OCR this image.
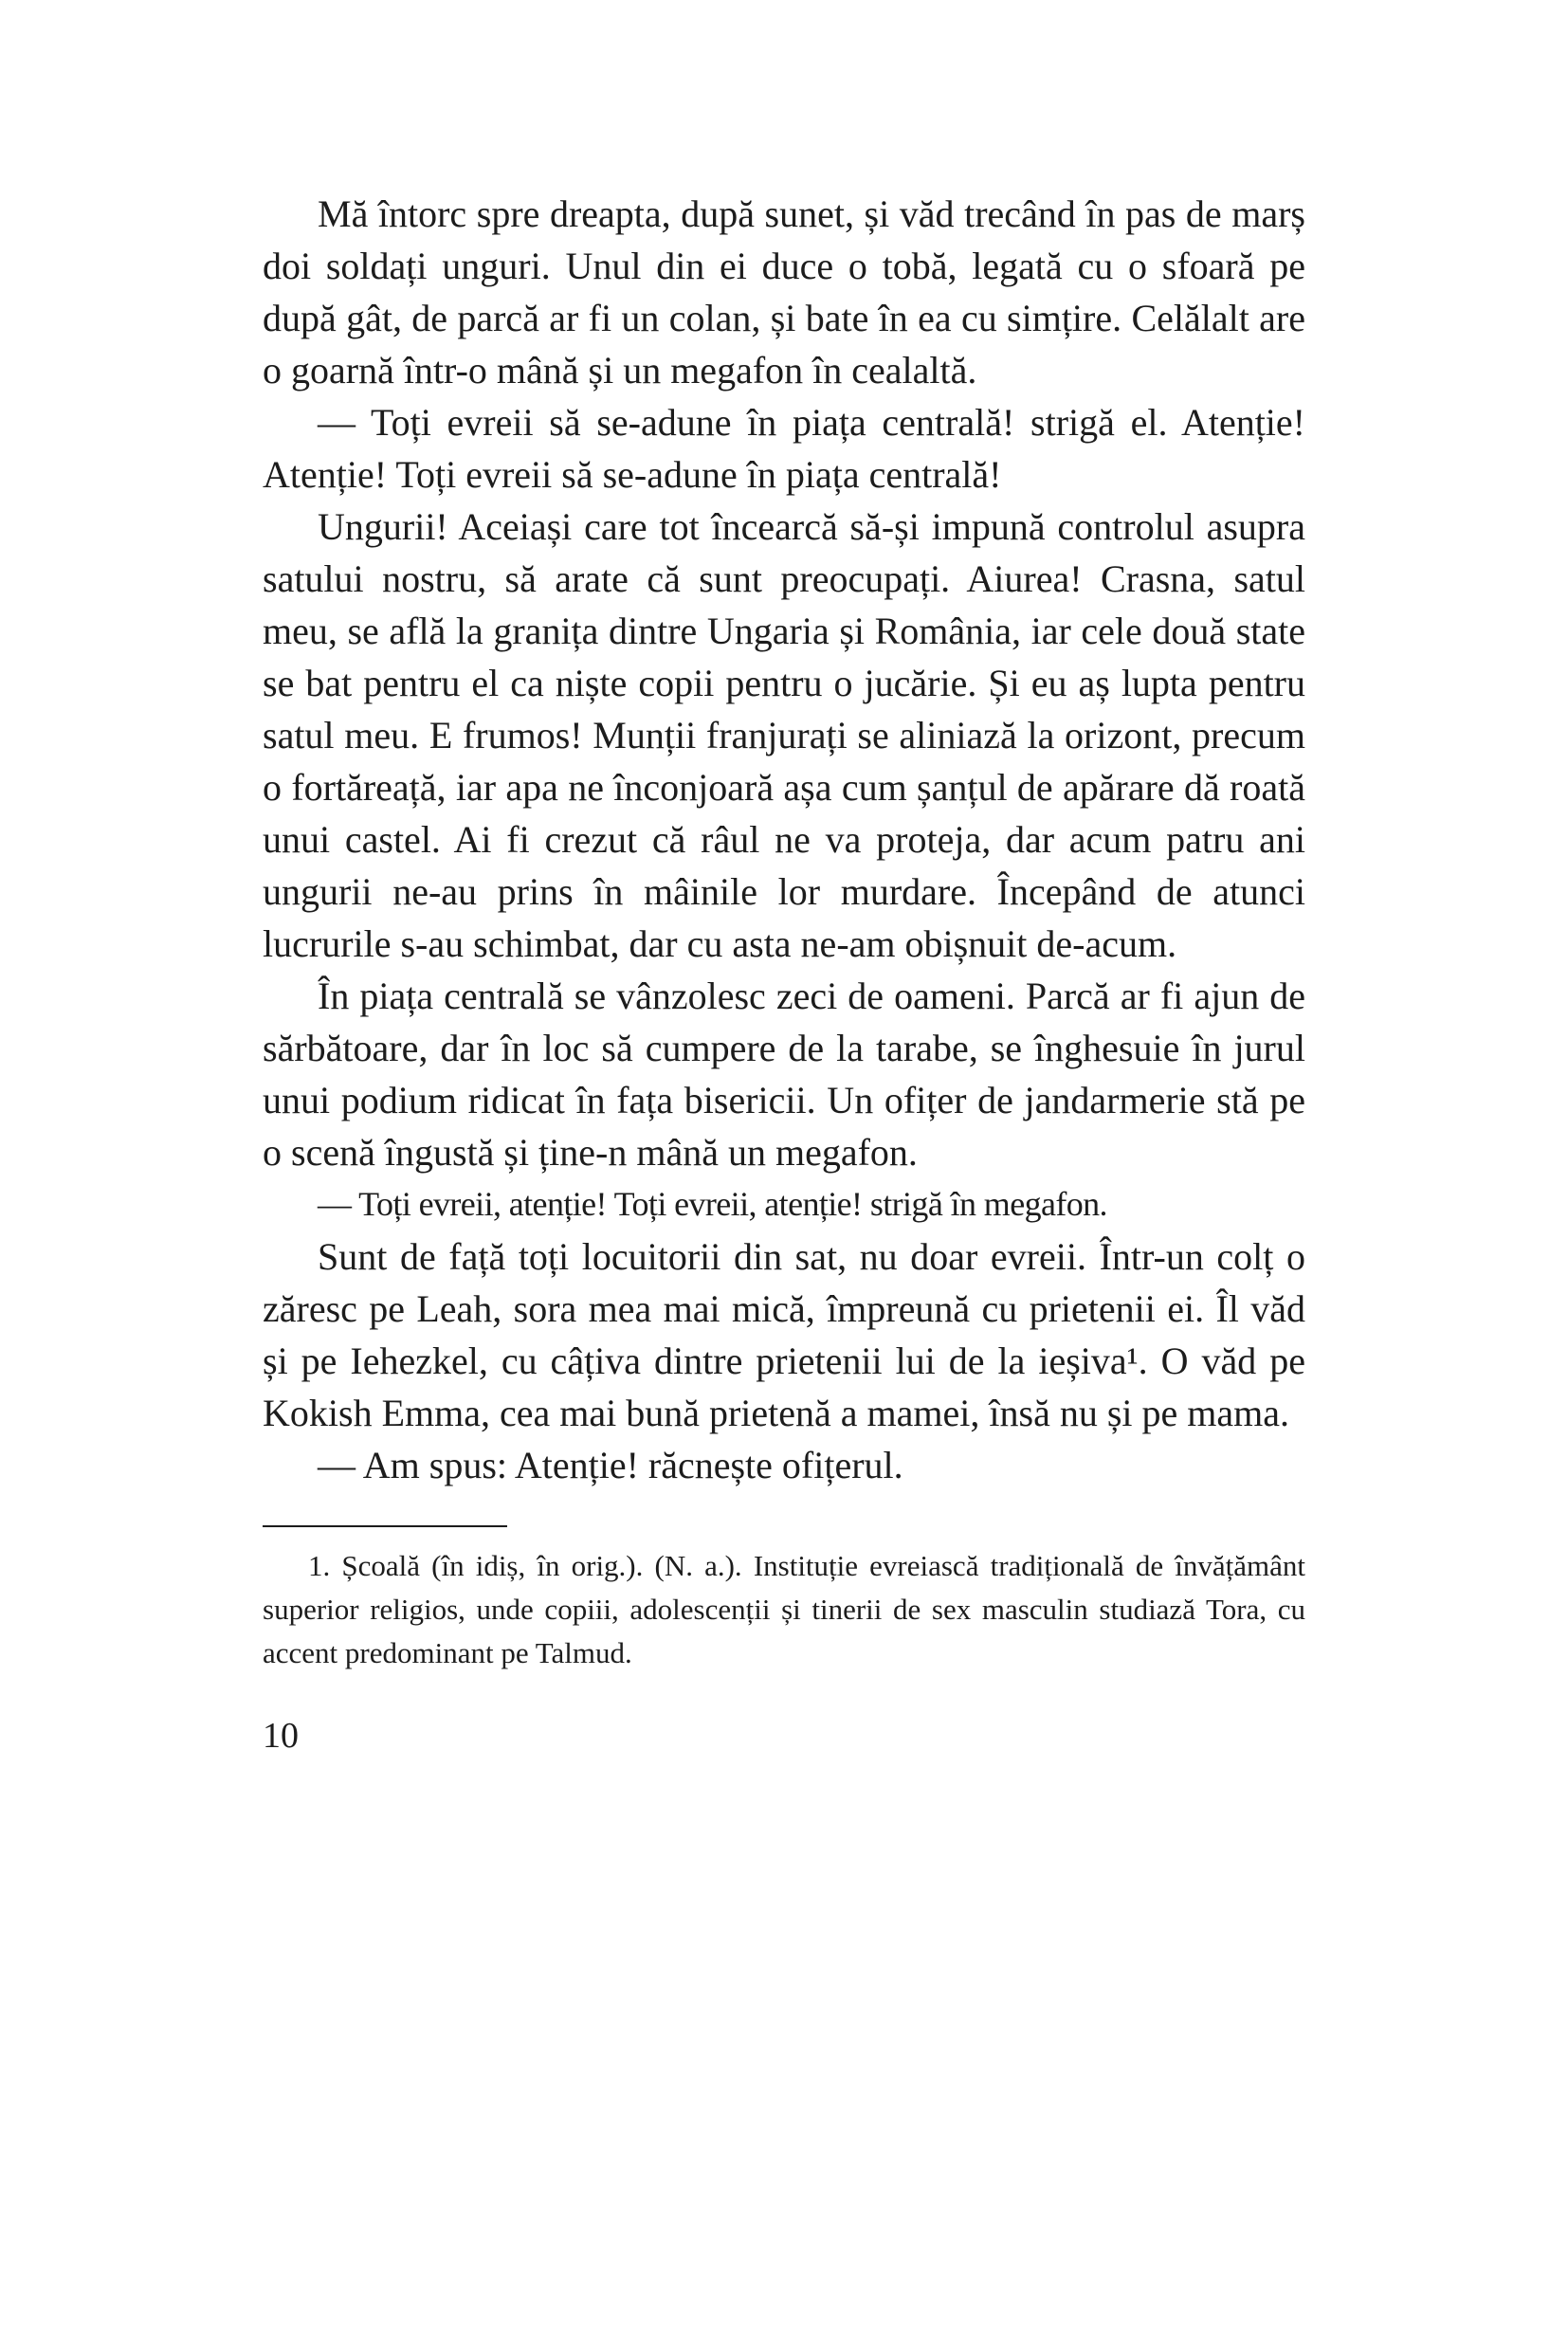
Mă întorc spre dreapta, după sunet, și văd trecând în pas de marș doi soldați unguri. Unul din ei duce o tobă, legată cu o sfoară pe după gât, de parcă ar fi un colan, și bate în ea cu simțire. Celălalt are o goarnă într-o mână și un megafon în cealaltă.

— Toți evreii să se-adune în piața centrală! strigă el. Atenție! Atenție! Toți evreii să se-adune în piața centrală!

Ungurii! Aceiași care tot încearcă să-și impună controlul asupra satului nostru, să arate că sunt preocupați. Aiurea! Crasna, satul meu, se află la granița dintre Ungaria și România, iar cele două state se bat pentru el ca niște copii pentru o jucărie. Și eu aș lupta pentru satul meu. E frumos! Munții franjurați se aliniază la orizont, precum o fortăreață, iar apa ne înconjoară așa cum șanțul de apărare dă roată unui castel. Ai fi crezut că râul ne va proteja, dar acum patru ani ungurii ne-au prins în mâinile lor murdare. Începând de atunci lucrurile s-au schimbat, dar cu asta ne-am obișnuit de-acum.

În piața centrală se vânzolesc zeci de oameni. Parcă ar fi ajun de sărbătoare, dar în loc să cumpere de la tarabe, se înghesuie în jurul unui podium ridicat în fața bisericii. Un ofițer de jandarmerie stă pe o scenă îngustă și ține-n mână un megafon.

— Toți evreii, atenție! Toți evreii, atenție! strigă în megafon.

Sunt de față toți locuitorii din sat, nu doar evreii. Într-un colț o zăresc pe Leah, sora mea mai mică, împreună cu prietenii ei. Îl văd și pe Iehezkel, cu câțiva dintre prietenii lui de la ieșiva¹. O văd pe Kokish Emma, cea mai bună prietenă a mamei, însă nu și pe mama.

— Am spus: Atenție! răcnește ofițerul.

1. Școală (în idiș, în orig.). (N. a.). Instituție evreiască tradițională de învățământ superior religios, unde copiii, adolescenții și tinerii de sex masculin studiază Tora, cu accent predominant pe Talmud.

10
